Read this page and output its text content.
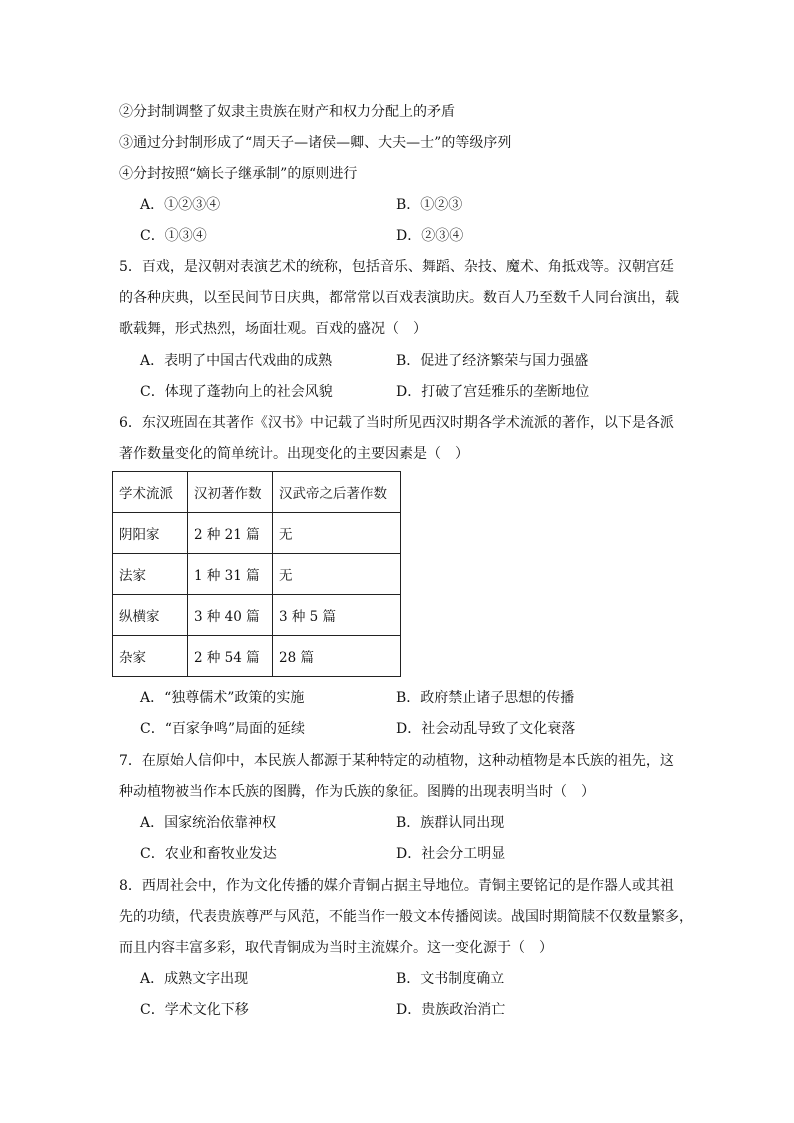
②分封制调整了奴隶主贵族在财产和权力分配上的矛盾
③通过分封制形成了“周天子—诸侯—卿、大夫—士”的等级序列
④分封按照“嫡长子继承制”的原则进行
A．①②③④	B．①②③
C．①③④	D．②③④
5．百戏，是汉朝对表演艺术的统称，包括音乐、舞蹈、杂技、魔术、角抵戏等。汉朝宫廷
的各种庆典，以至民间节日庆典，都常常以百戏表演助庆。数百人乃至数千人同台演出，载
歌载舞，形式热烈，场面壮观。百戏的盛况（　）
A．表明了中国古代戏曲的成熟	B．促进了经济繁荣与国力强盛
C．体现了蓬勃向上的社会风貌	D．打破了宫廷雅乐的垄断地位
6．东汉班固在其著作《汉书》中记载了当时所见西汉时期各学术流派的著作，以下是各派
著作数量变化的简单统计。出现变化的主要因素是（　）
学术流派	汉初著作数	汉武帝之后著作数
阴阳家	2 种 21 篇	无
法家	1 种 31 篇	无
纵横家	3 种 40 篇	3 种 5 篇
杂家	2 种 54 篇	28 篇
A．“独尊儒术”政策的实施	B．政府禁止诸子思想的传播
C．“百家争鸣”局面的延续	D．社会动乱导致了文化衰落
7．在原始人信仰中，本民族人都源于某种特定的动植物，这种动植物是本氏族的祖先，这
种动植物被当作本氏族的图腾，作为氏族的象征。图腾的出现表明当时（　）
A．国家统治依靠神权	B．族群认同出现
C．农业和畜牧业发达	D．社会分工明显
8．西周社会中，作为文化传播的媒介青铜占据主导地位。青铜主要铭记的是作器人或其祖
先的功绩，代表贵族尊严与风范，不能当作一般文本传播阅读。战国时期简牍不仅数量繁多，
而且内容丰富多彩，取代青铜成为当时主流媒介。这一变化源于（　）
A．成熟文字出现	B．文书制度确立
C．学术文化下移	D．贵族政治消亡
